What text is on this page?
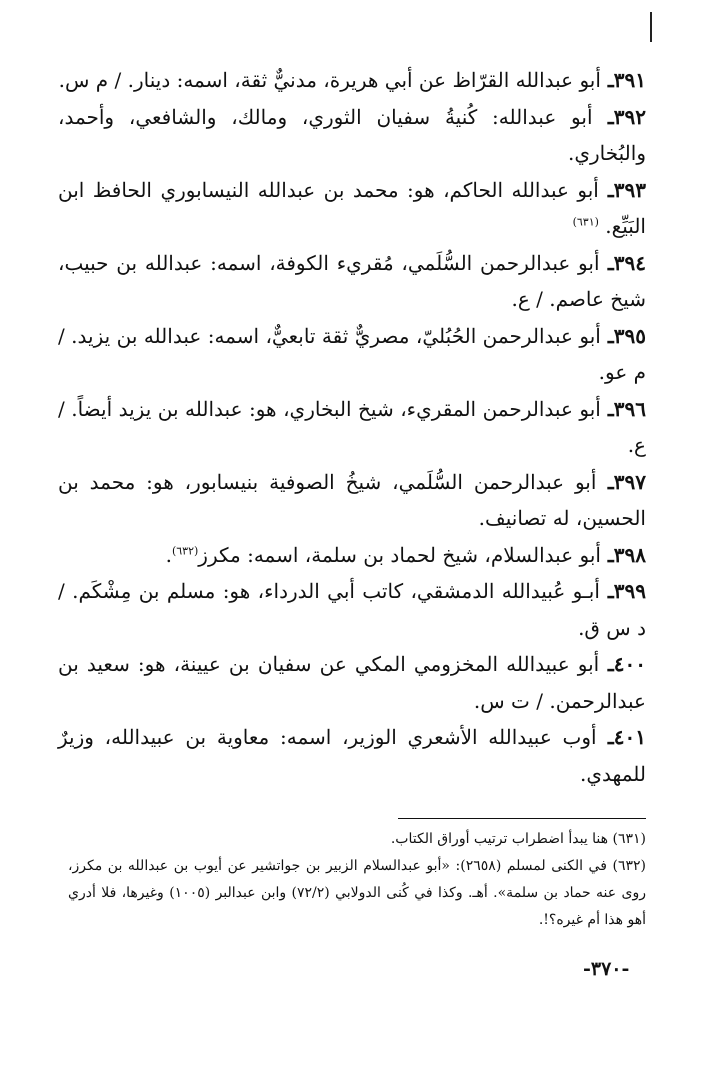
٣٩١ـ أبو عبدالله القرّاظ عن أبي هريرة، مدنيٌّ ثقة، اسمه: دينار. / م س.

٣٩٢ـ أبو عبدالله: كُنيةُ سفيان الثوري، ومالك، والشافعي، وأحمد، والبُخاري.

٣٩٣ـ أبو عبدالله الحاكم، هو: محمد بن عبدالله النيسابوري الحافظ ابن البَيِّع. $^{(٦٣١)}$

٣٩٤ـ أبو عبدالرحمن السُّلَمي، مُقريء الكوفة، اسمه: عبدالله بن حبيب، شيخ عاصم. / ع.

٣٩٥ـ أبو عبدالرحمن الحُبُليّ، مصريٌّ ثقة تابعيٌّ، اسمه: عبدالله بن يزيد. / م عو.

٣٩٦ـ أبو عبدالرحمن المقريء، شيخ البخاري، هو: عبدالله بن يزيد أيضاً. / ع.

٣٩٧ـ أبو عبدالرحمن السُّلَمي، شيخُ الصوفية بنيسابور، هو: محمد بن الحسين، له تصانيف.

٣٩٨ـ أبو عبدالسلام، شيخ لحماد بن سلمة، اسمه: مكرز$^{(٦٣٢)}$.

٣٩٩ـ أبـو عُبيدالله الدمشقي، كاتب أبي الدرداء، هو: مسلم بن مِشْكَم. / د س ق.

٤٠٠ـ أبو عبيدالله المخزومي المكي عن سفيان بن عيينة، هو: سعيد بن عبدالرحمن. / ت س.

٤٠١ـ أوب عبيدالله الأشعري الوزير، اسمه: معاوية بن عبيدالله، وزيرٌ للمهدي.

(٦٣١) هنا يبدأ اضطراب ترتيب أوراق الكتاب.

(٦٣٢) في الكنى لمسلم (٢٦٥٨): «أبو عبدالسلام الزبير بن جواتشير عن أيوب بن عبدالله بن مكرز، روى عنه حماد بن سلمة». أهـ. وكذا في كُنى الدولابي (٧٢/٢) وابن عبدالبر (١٠٠٥) وغيرها، فلا أدري أهو هذا أم غيره؟!.

-٣٧٠-
